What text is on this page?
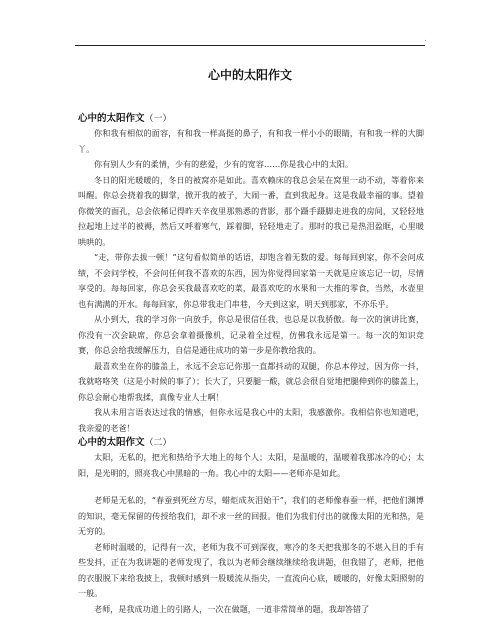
.
心中的太阳作文
心中的太阳作文（一）

你和我有相似的面容，有和我一样高挺的鼻子，有和我一样小小的眼睛，有和我一样的大脚丫。

你有别人少有的柔情，少有的慈爱，少有的宽容……你是我心中的太阳。

冬日的阳光暖暖的，冬日的被窝亦是如此。喜欢赖床的我总会呆在窝里一动不动，等着你来叫醒。你总会挠着我的脚掌，掀开我的被子，大闹一番，直到我起身。这是我最幸福的事。望着你微笑的面孔，总会依稀记得昨天辛夜里那熟悉的背影，那个蹑手蹑脚走进我的房间，又轻轻地拉起地上过半的被褥，然后又呼着寒气，踩着脚，轻轻地走了。那时的我已是热泪盈眶，心里暖哄哄的。

“走，带你去拔一顿！”这句看似简单的话语，却饱含着无数的爱。每每回到家，你不会问成绩，不会问学校，不会问任何我不喜欢的东西，因为你觉得回家第一天就是应该忘记一切，尽情享受的。每每回家，你总会买我最喜欢吃的菜，最喜欢吃的水果和一大推的零食，当然，水壶里也有满满的开水。每每回家，你总带我走门串巷，今天到这家，明天到那家，不亦乐乎。

从小到大，我的学习你一向放手，你总是很信任我，也总是以我骄傲。每一次的演讲比赛，你没有一次会缺席，你总会拿着摄像机，记录着全过程，仿佛我永远是第一。每一次的知识竞赛，你总会给我缓解压力，自信是通往成功的第一步是你教给我的。

最喜欢坐在你的膝盖上，永远不会忘记你那一直都抖动的双腿，你总本停过，因为你一抖，我就咯咯笑（这是小时候的事了）；长大了，只要腿一酸，就总会很自觉地把腿伸到你的膝盖上，你总会耐心地帮我揉，真像专业人士啊！

我从未用言语表达过我的情感，但你永远是我心中的太阳，我感激你。我相信你也知道吧，我亲爱的老爸！

心中的太阳作文（二）

太阳，无私的，把光和热给予大地上的每个人；太阳，是温暖的，温暖着我那冰冷的心；太阳，是光明的，照亮我心中黑暗的一角。我心中的太阳——老师亦是如此。

老师是无私的，“春蚕到死丝方尽，蜡炬成灰泪始干”，我们的老师像春蚕一样，把他们渊博的知识，毫无保留的传授给我们，却不求一丝的回报。他们为我们付出的就像太阳的光和热，是无穷的。

老师时温暖的，记得有一次，老师为我不可到深夜，寒冷的冬天把我那冬的不堪入目的手有些发抖，正在为我讲题的老师发现了，我以为老师会继续继续给我讲题，但我错了，老师，把他的衣服脱下来给我披上，我顿时感到一股暖流从指尖，一直流向心底，暖暖的，好像太阳照射的一般。

老师，是我成功道上的引路人，一次在做题，一道非常简单的题，我却答错了
